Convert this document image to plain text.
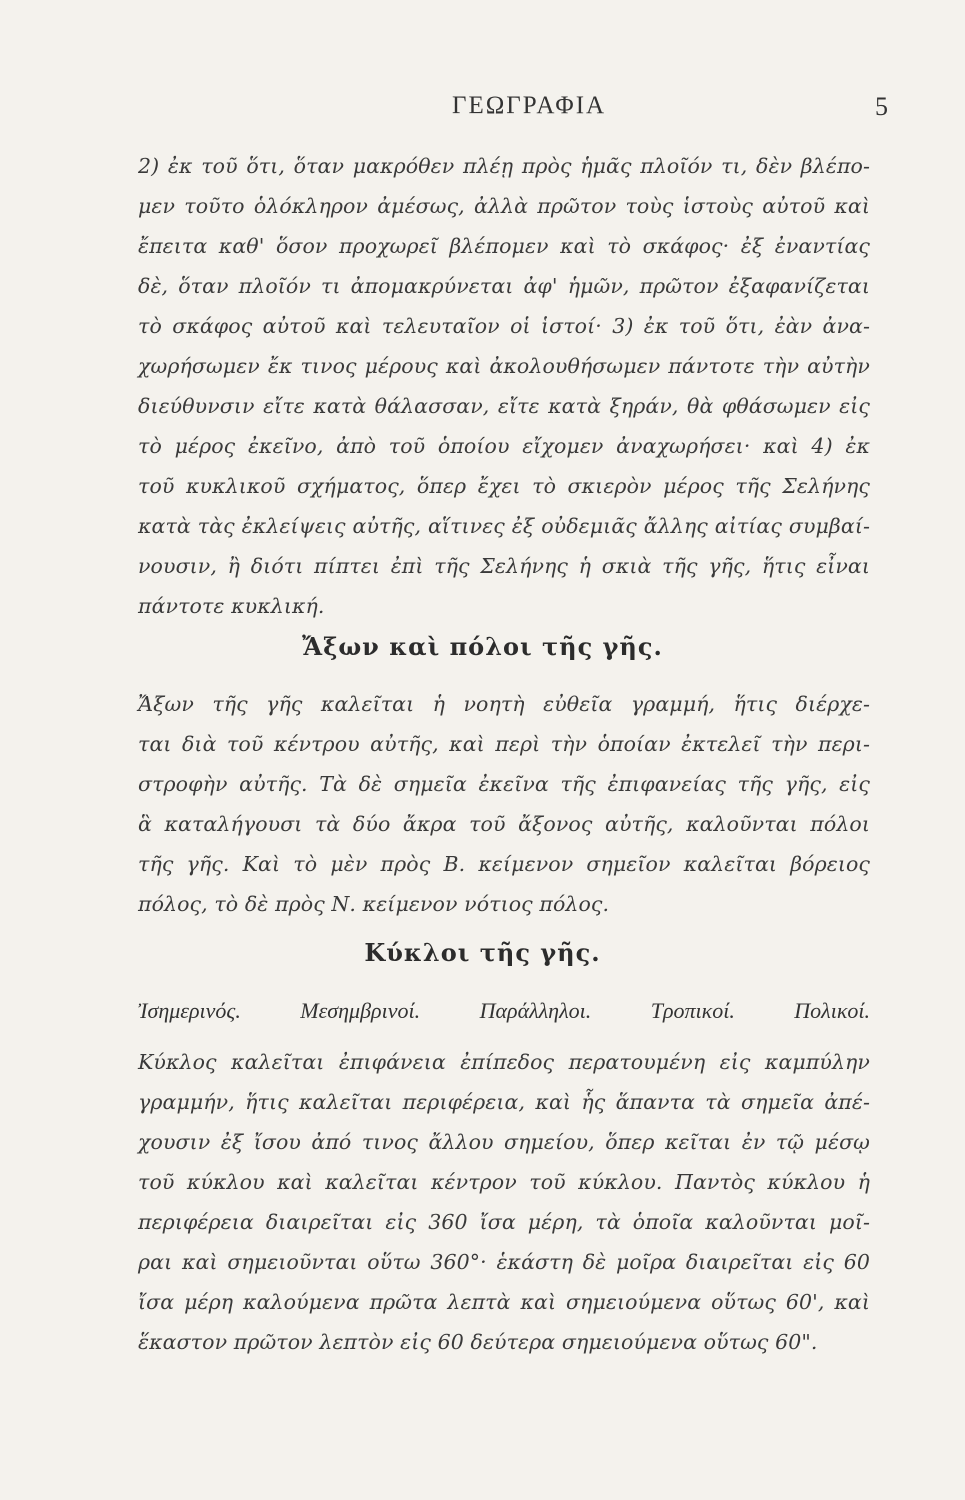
ΓΕΩΓΡΑΦΙΑ	5
2) ἐκ τοῦ ὅτι, ὅταν μακρόθεν πλέῃ πρὸς ἡμᾶς πλοῖόν τι, δὲν βλέπο-
μεν τοῦτο ὁλόκληρον ἀμέσως, ἀλλὰ πρῶτον τοὺς ἱστοὺς αὐτοῦ καὶ
ἔπειτα καθ' ὅσον προχωρεῖ βλέπομεν καὶ τὸ σκάφος· ἐξ ἐναντίας
δὲ, ὅταν πλοῖόν τι ἀπομακρύνεται ἀφ' ἡμῶν, πρῶτον ἐξαφανίζεται
τὸ σκάφος αὐτοῦ καὶ τελευταῖον οἱ ἱστοί· 3) ἐκ τοῦ ὅτι, ἐὰν ἀνα-
χωρήσωμεν ἔκ τινος μέρους καὶ ἀκολουθήσωμεν πάντοτε τὴν αὐτὴν
διεύθυνσιν εἴτε κατὰ θάλασσαν, εἴτε κατὰ ξηράν, θὰ φθάσωμεν εἰς
τὸ μέρος ἐκεῖνο, ἀπὸ τοῦ ὁποίου εἴχομεν ἀναχωρήσει· καὶ 4) ἐκ
τοῦ κυκλικοῦ σχήματος, ὅπερ ἔχει τὸ σκιερὸν μέρος τῆς Σελήνης
κατὰ τὰς ἐκλείψεις αὐτῆς, αἵτινες ἐξ οὐδεμιᾶς ἄλλης αἰτίας συμβαί-
νουσιν, ἢ διότι πίπτει ἐπὶ τῆς Σελήνης ἡ σκιὰ τῆς γῆς, ἥτις εἶναι
πάντοτε κυκλική.
Ἄξων καὶ πόλοι τῆς γῆς.
Ἄξων τῆς γῆς καλεῖται ἡ νοητὴ εὐθεῖα γραμμή, ἥτις διέρχε-
ται διὰ τοῦ κέντρου αὐτῆς, καὶ περὶ τὴν ὁποίαν ἐκτελεῖ τὴν περι-
στροφὴν αὐτῆς. Τὰ δὲ σημεῖα ἐκεῖνα τῆς ἐπιφανείας τῆς γῆς, εἰς
ἃ καταλήγουσι τὰ δύο ἄκρα τοῦ ἄξονος αὐτῆς, καλοῦνται πόλοι
τῆς γῆς. Καὶ τὸ μὲν πρὸς Β. κείμενον σημεῖον καλεῖται βόρειος
πόλος, τὸ δὲ πρὸς Ν. κείμενον νότιος πόλος.
Κύκλοι τῆς γῆς.
Ἰσημερινός. Μεσημβρινοί. Παράλληλοι. Τροπικοί. Πολικοί.
Κύκλος καλεῖται ἐπιφάνεια ἐπίπεδος περατουμένη εἰς καμπύλην
γραμμήν, ἥτις καλεῖται περιφέρεια, καὶ ἧς ἅπαντα τὰ σημεῖα ἀπέ-
χουσιν ἐξ ἴσου ἀπό τινος ἄλλου σημείου, ὅπερ κεῖται ἐν τῷ μέσῳ
τοῦ κύκλου καὶ καλεῖται κέντρον τοῦ κύκλου. Παντὸς κύκλου ἡ
περιφέρεια διαιρεῖται εἰς 360 ἴσα μέρη, τὰ ὁποῖα καλοῦνται μοῖ-
ραι καὶ σημειοῦνται οὕτω 360°· ἑκάστη δὲ μοῖρα διαιρεῖται εἰς 60
ἴσα μέρη καλούμενα πρῶτα λεπτὰ καὶ σημειούμενα οὕτως 60', καὶ
ἕκαστον πρῶτον λεπτὸν εἰς 60 δεύτερα σημειούμενα οὕτως 60".
